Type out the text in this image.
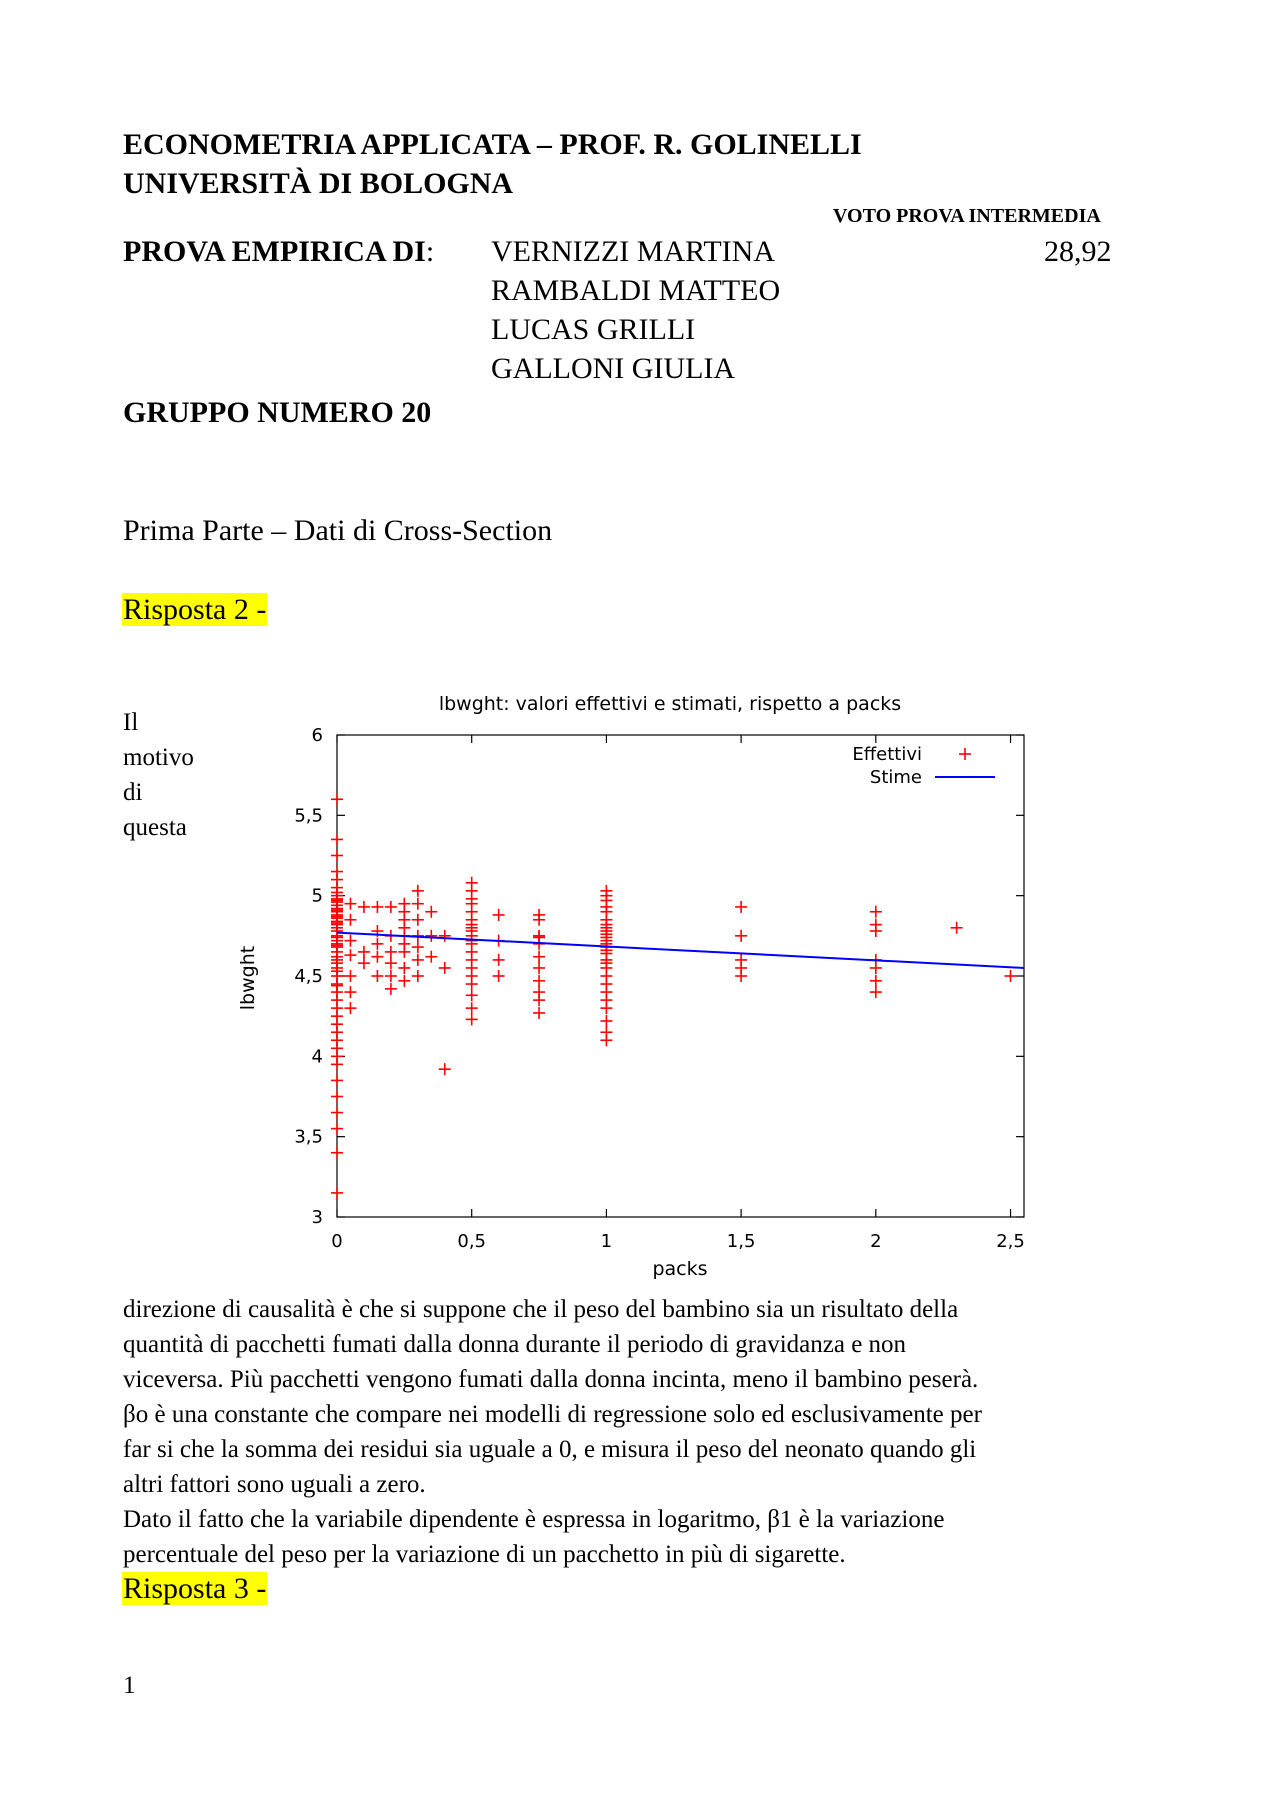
ECONOMETRIA APPLICATA – PROF. R. GOLINELLI
UNIVERSITÀ DI BOLOGNA
VOTO PROVA INTERMEDIA
PROVA EMPIRICA DI: VERNIZZI MARTINA
RAMBALDI MATTEO
LUCAS GRILLI
GALLONI GIULIA
28,92
GRUPPO NUMERO 20
Prima Parte – Dati di Cross-Section
Risposta 2 -
Il
motivo
di
questa
lbwght: valori effettivi e stimati, rispetto a packs
3
3,5
4
4,5
5
5,5
6
0	0,5	1	1,5	2	2,5
lbwght
packs
Effettivi
Stime
direzione di causalità è che si suppone che il peso del bambino sia un risultato della
quantità di pacchetti fumati dalla donna durante il periodo di gravidanza e non
viceversa. Più pacchetti vengono fumati dalla donna incinta, meno il bambino peserà.
βo è una constante che compare nei modelli di regressione solo ed esclusivamente per
far si che la somma dei residui sia uguale a 0, e misura il peso del neonato quando gli
altri fattori sono uguali a zero.
Dato il fatto che la variabile dipendente è espressa in logaritmo, β1 è la variazione
percentuale del peso per la variazione di un pacchetto in più di sigarette.
Risposta 3 -
1
